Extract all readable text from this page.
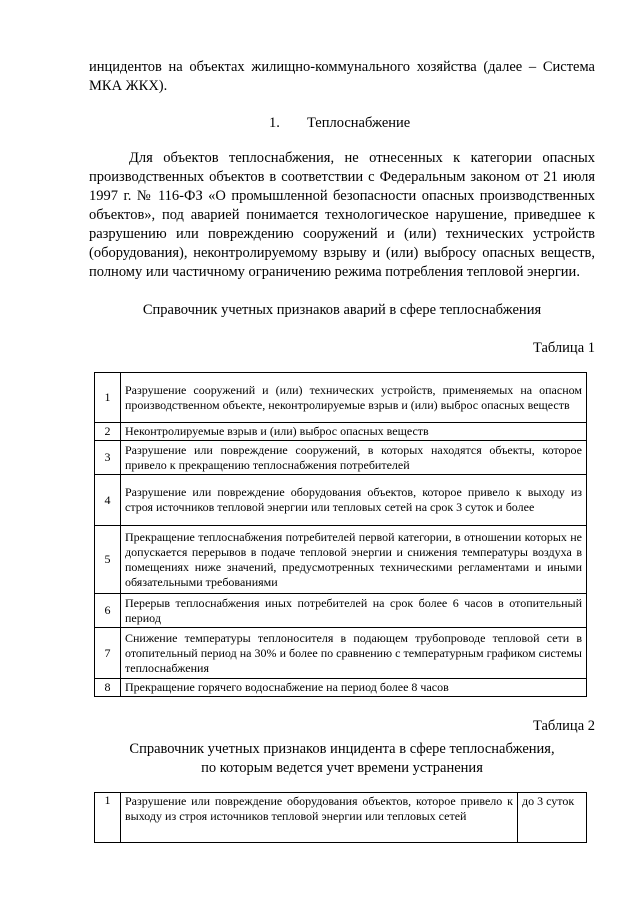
инцидентов на объектах жилищно-коммунального хозяйства (далее – Система МКА ЖКХ).

1. Теплоснабжение

Для объектов теплоснабжения, не отнесенных к категории опасных производственных объектов в соответствии с Федеральным законом от 21 июля 1997 г. № 116-ФЗ «О промышленной безопасности опасных производственных объектов», под аварией понимается технологическое нарушение, приведшее к разрушению или повреждению сооружений и (или) технических устройств (оборудования), неконтролируемому взрыву и (или) выбросу опасных веществ, полному или частичному ограничению режима потребления тепловой энергии.

Справочник учетных признаков аварий в сфере теплоснабжения

Таблица 1

1	Разрушение сооружений и (или) технических устройств, применяемых на опасном производственном объекте, неконтролируемые взрыв и (или) выброс опасных веществ
2	Неконтролируемые взрыв и (или) выброс опасных веществ
3	Разрушение или повреждение сооружений, в которых находятся объекты, которое привело к прекращению теплоснабжения потребителей
4	Разрушение или повреждение оборудования объектов, которое привело к выходу из строя источников тепловой энергии или тепловых сетей на срок 3 суток и более
5	Прекращение теплоснабжения потребителей первой категории, в отношении которых не допускается перерывов в подаче тепловой энергии и снижения температуры воздуха в помещениях ниже значений, предусмотренных техническими регламентами и иными обязательными требованиями
6	Перерыв теплоснабжения иных потребителей на срок более 6 часов в отопительный период
7	Снижение температуры теплоносителя в подающем трубопроводе тепловой сети в отопительный период на 30% и более по сравнению с температурным графиком системы теплоснабжения
8	Прекращение горячего водоснабжение на период более 8 часов

Таблица 2

Справочник учетных признаков инцидента в сфере теплоснабжения,

по которым ведется учет времени устранения

1	Разрушение или повреждение оборудования объектов, которое привело к выходу из строя источников тепловой энергии или тепловых сетей	до 3 суток
